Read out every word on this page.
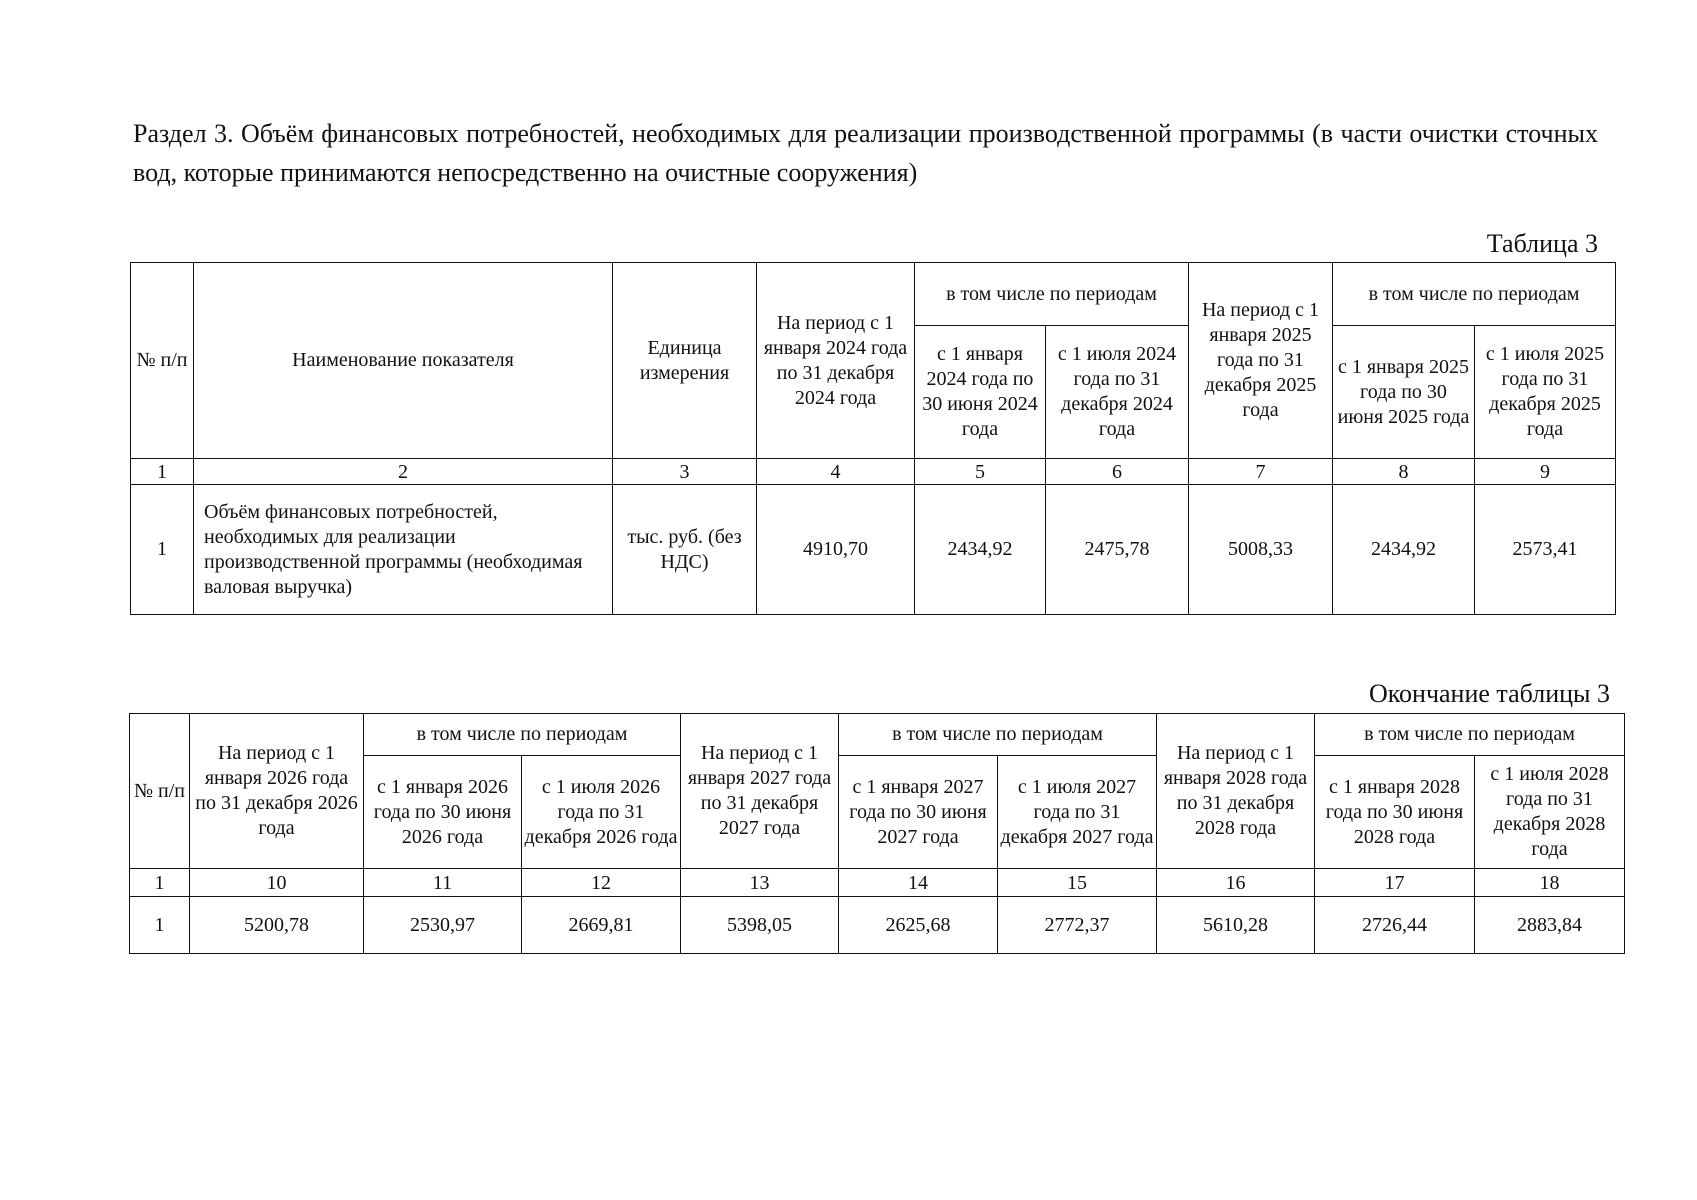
Раздел 3. Объём финансовых потребностей, необходимых для реализации производственной программы (в части очистки сточных вод, которые принимаются непосредственно на очистные сооружения)
Таблица 3
№ п/п	Наименование показателя	Единица измерения	На период с 1 января 2024 года по 31 декабря 2024 года	в том числе по периодам		На период с 1 января 2025 года по 31 декабря 2025 года	в том числе по периодам	
				с 1 января 2024 года по 30 июня 2024 года	с 1 июля 2024 года по 31 декабря 2024 года		с 1 января 2025 года по 30 июня 2025 года	с 1 июля 2025 года по 31 декабря 2025 года
1	2	3	4	5	6	7	8	9
1	Объём финансовых потребностей, необходимых для реализации производственной программы (необходимая валовая выручка)	тыс. руб. (без НДС)	4910,70	2434,92	2475,78	5008,33	2434,92	2573,41
Окончание таблицы 3
№ п/п	На период с 1 января 2026 года по 31 декабря 2026 года	в том числе по периодам		На период с 1 января 2027 года по 31 декабря 2027 года	в том числе по периодам		На период с 1 января 2028 года по 31 декабря 2028 года	в том числе по периодам	
		с 1 января 2026 года по 30 июня 2026 года	с 1 июля 2026 года по 31 декабря 2026 года		с 1 января 2027 года по 30 июня 2027 года	с 1 июля 2027 года по 31 декабря 2027 года		с 1 января 2028 года по 30 июня 2028 года	с 1 июля 2028 года по 31 декабря 2028 года
1	10	11	12	13	14	15	16	17	18
1	5200,78	2530,97	2669,81	5398,05	2625,68	2772,37	5610,28	2726,44	2883,84
